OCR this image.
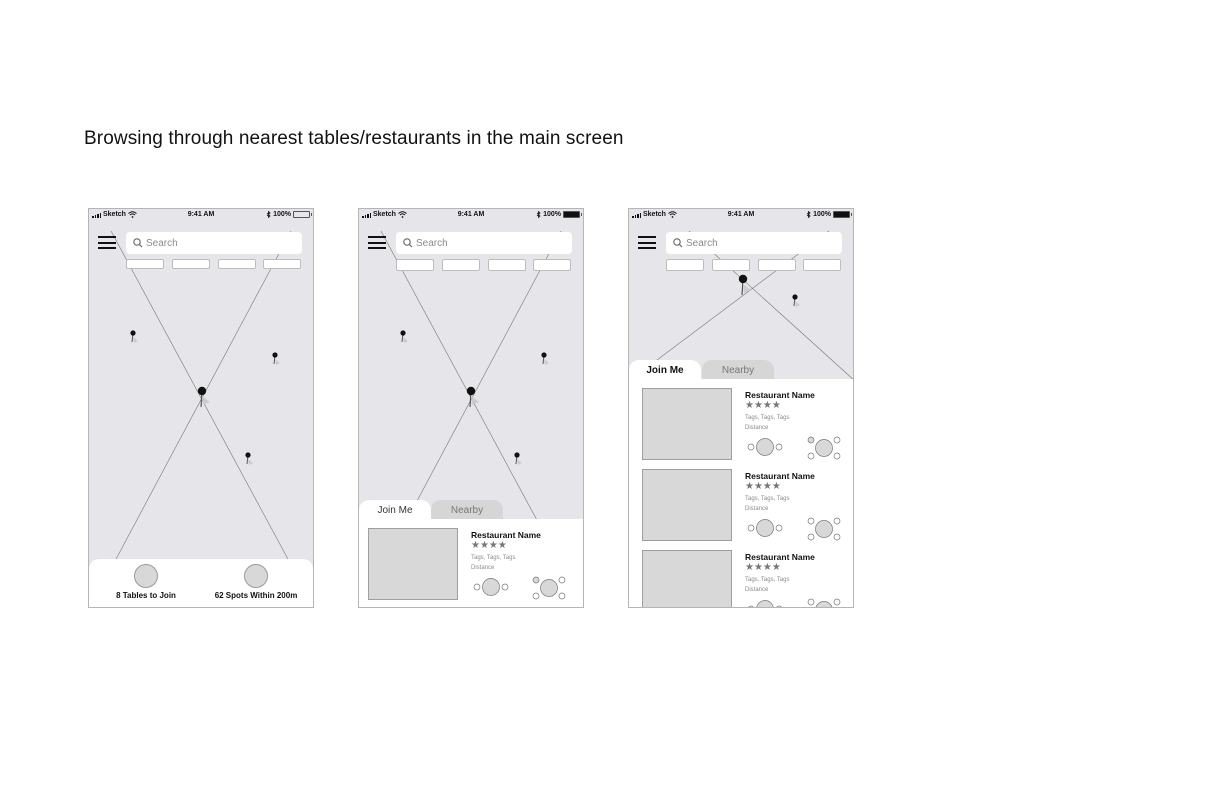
Browsing through nearest tables/restaurants in the main screen
Sketch	9:41 AM	100%
Search
8 Tables to Join	62 Spots Within 200m
Sketch	9:41 AM	100%
Search
Nearby
Join Me
Restaurant Name
★★★★
Tags, Tags, Tags
Distance
Sketch	9:41 AM	100%
Search
Nearby
Join Me
Restaurant Name
★★★★
Tags, Tags, Tags
Distance
Restaurant Name
★★★★
Tags, Tags, Tags
Distance
Restaurant Name
★★★★
Tags, Tags, Tags
Distance
